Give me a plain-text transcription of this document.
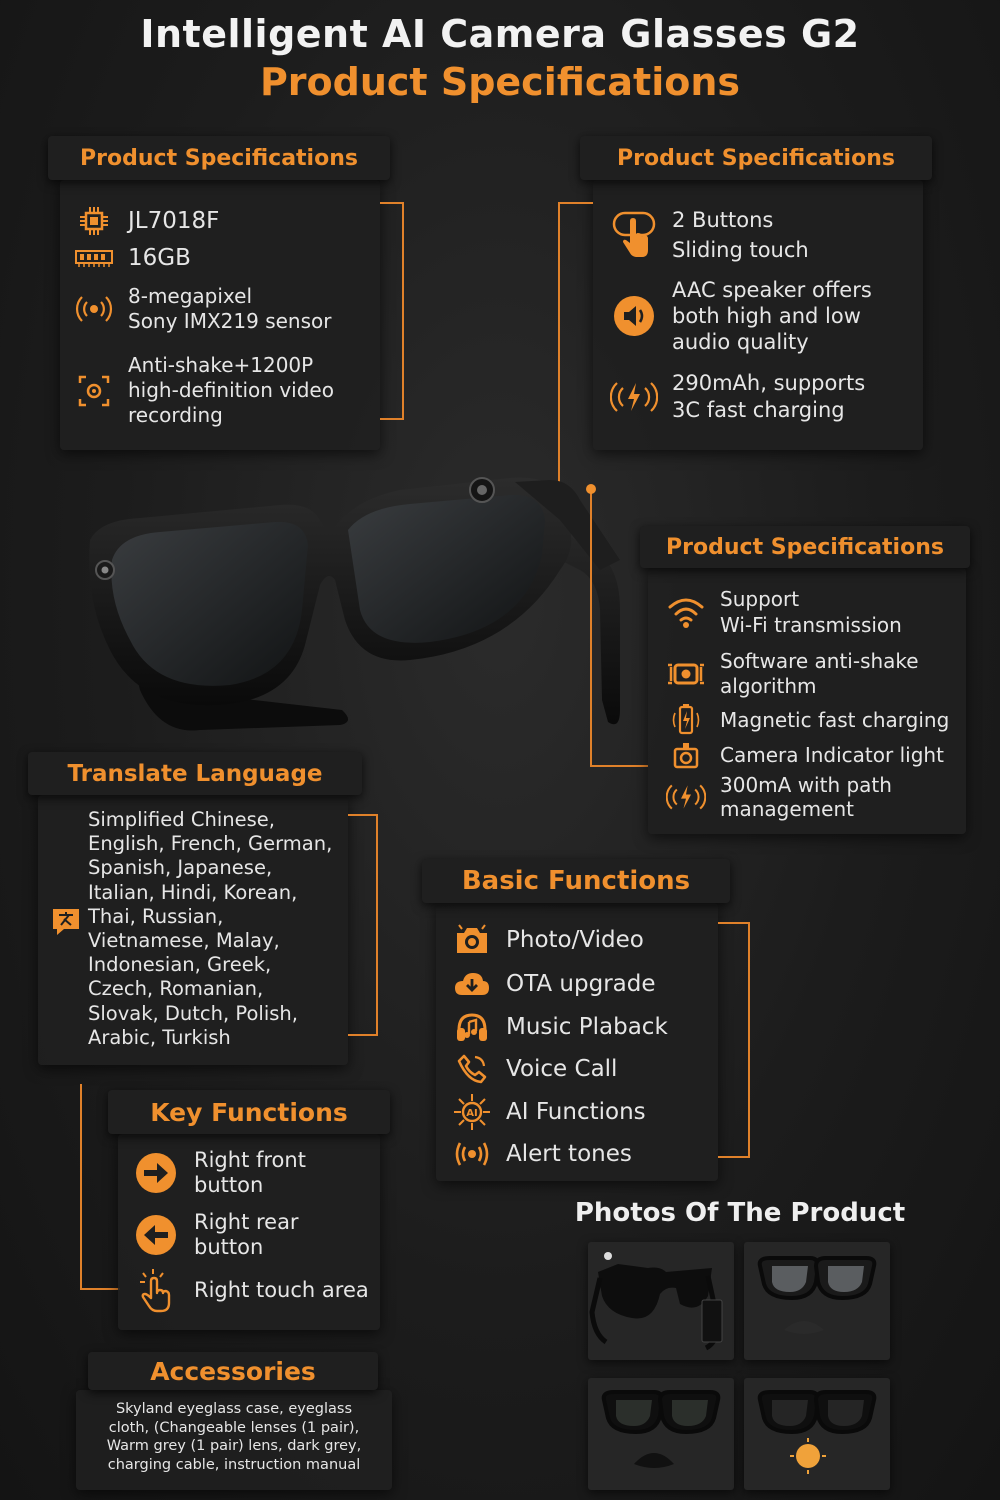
Intelligent AI Camera Glasses G2
Product Specifications
Product Specifications
JL7018F
16GB
8-megapixel
Sony IMX219 sensor
Anti-shake+1200P
high-definition video
recording
Product Specifications
2 Buttons
Sliding touch
AAC speaker offers
both high and low
audio quality
290mAh, supports
3C fast charging
Product Specifications
Support
Wi-Fi transmission
Software anti-shake
algorithm
Magnetic fast charging
Camera Indicator light
300mA with path
management
Translate Language
Simplified Chinese,
English, French, German,
Spanish, Japanese,
Italian, Hindi, Korean,
Thai, Russian,
Vietnamese, Malay,
Indonesian, Greek,
Czech, Romanian,
Slovak, Dutch, Polish,
Arabic, Turkish
Basic Functions
Photo/Video
OTA upgrade
Music Plaback
Voice Call
AI AI Functions
Alert tones
Key Functions
Right front
button
Right rear
button
Right touch area
Accessories
Skyland eyeglass case, eyeglass
cloth, (Changeable lenses (1 pair),
Warm grey (1 pair) lens, dark grey,
charging cable, instruction manual
Photos Of The Product
